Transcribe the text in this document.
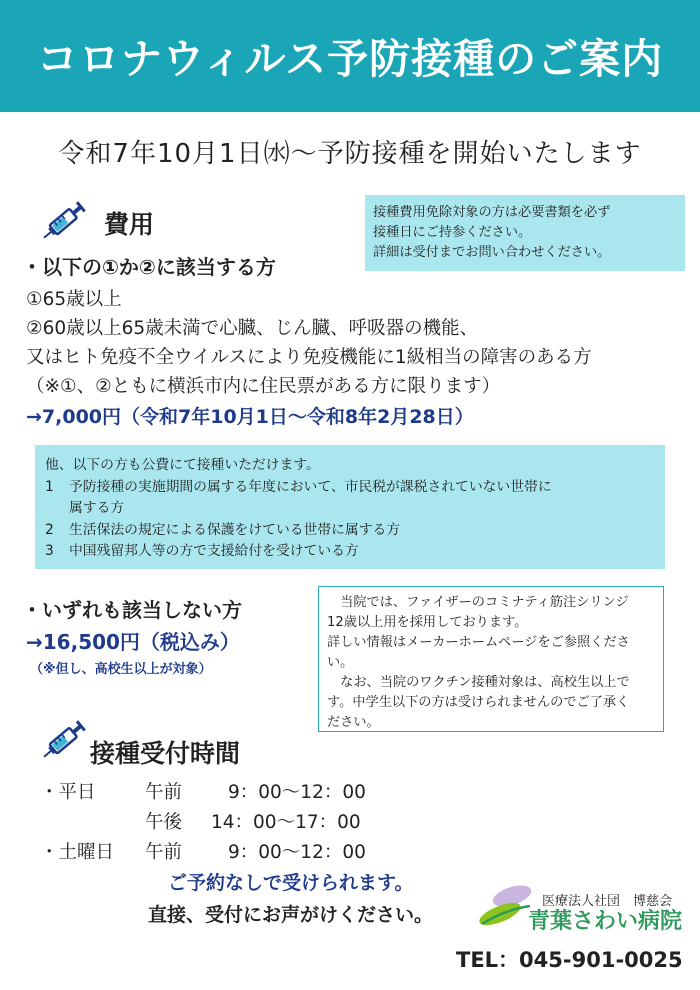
コロナウィルス予防接種のご案内
令和7年10月1日㈬～予防接種を開始いたします
費用	接種費用免除対象の方は必要書類を必ず
接種日にご持参ください。
詳細は受付までお問い合わせください。
・以下の①か②に該当する方
①65歳以上
②60歳以上65歳未満で心臓、じん臓、呼吸器の機能、
又はヒト免疫不全ウイルスにより免疫機能に1級相当の障害のある方
（※①、②ともに横浜市内に住民票がある方に限ります）
→7,000円（令和7年10月1日～令和8年2月28日）
他、以下の方も公費にて接種いただけます。
1	予防接種の実施期間の属する年度において、市民税が課税されていない世帯に
属する方
2	生活保法の規定による保護をけている世帯に属する方
3	中国残留邦人等の方で支援給付を受けている方
・いずれも該当しない方
→16,500円（税込み）
（※但し、高校生以上が対象）
　当院では、ファイザーのコミナティ筋注シリンジ
12歳以上用を採用しております。
詳しい情報はメーカーホームページをご参照くださ
い。
　なお、当院のワクチン接種対象は、高校生以上で
す。中学生以下の方は受けられませんのでご了承く
ださい。
接種受付時間
・平日	午前 9：00～12：00
午後 14：00～17：00
・土曜日 午前 9：00～12：00
ご予約なしで受けられます。
直接、受付にお声がけください。
医療法人社団　博慈会
青葉さわい病院
TEL：045-901-0025
